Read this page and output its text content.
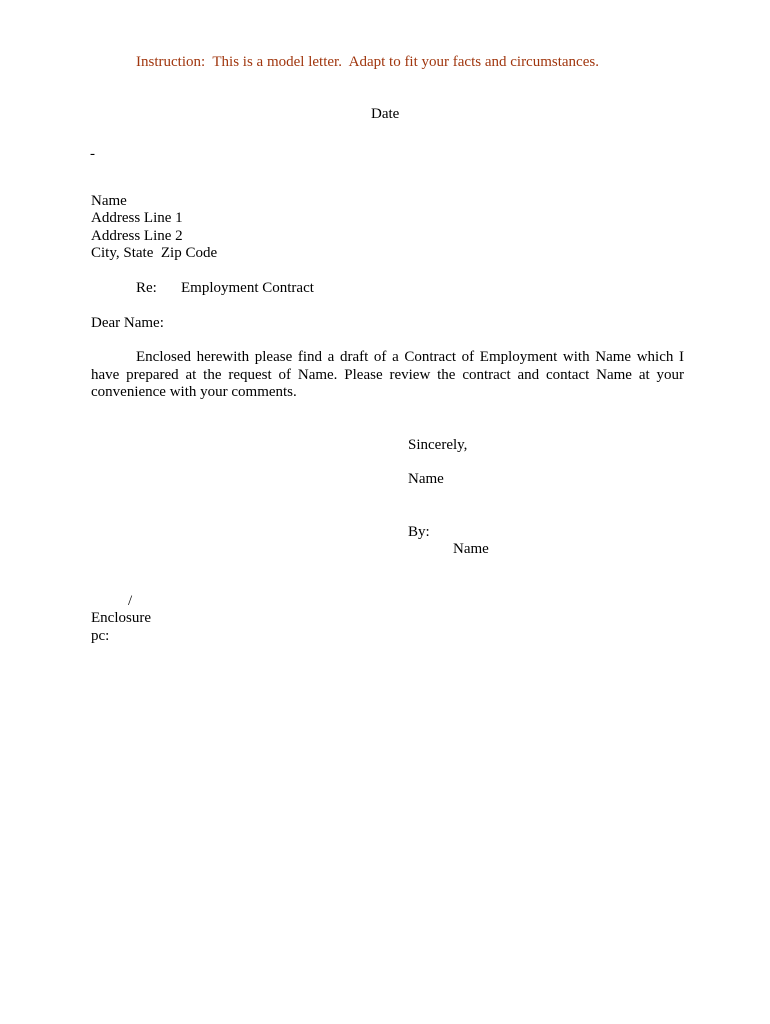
Instruction:  This is a model letter.  Adapt to fit your facts and circumstances.
Date
-
Name
Address Line 1
Address Line 2
City, State  Zip Code
Re: Employment Contract
Dear Name:
Enclosed herewith please find a draft of a Contract of Employment with Name which I have prepared at the request of Name. Please review the contract and contact Name at your convenience with your comments.
Sincerely,
Name
By:
Name
/
Enclosure
pc:
